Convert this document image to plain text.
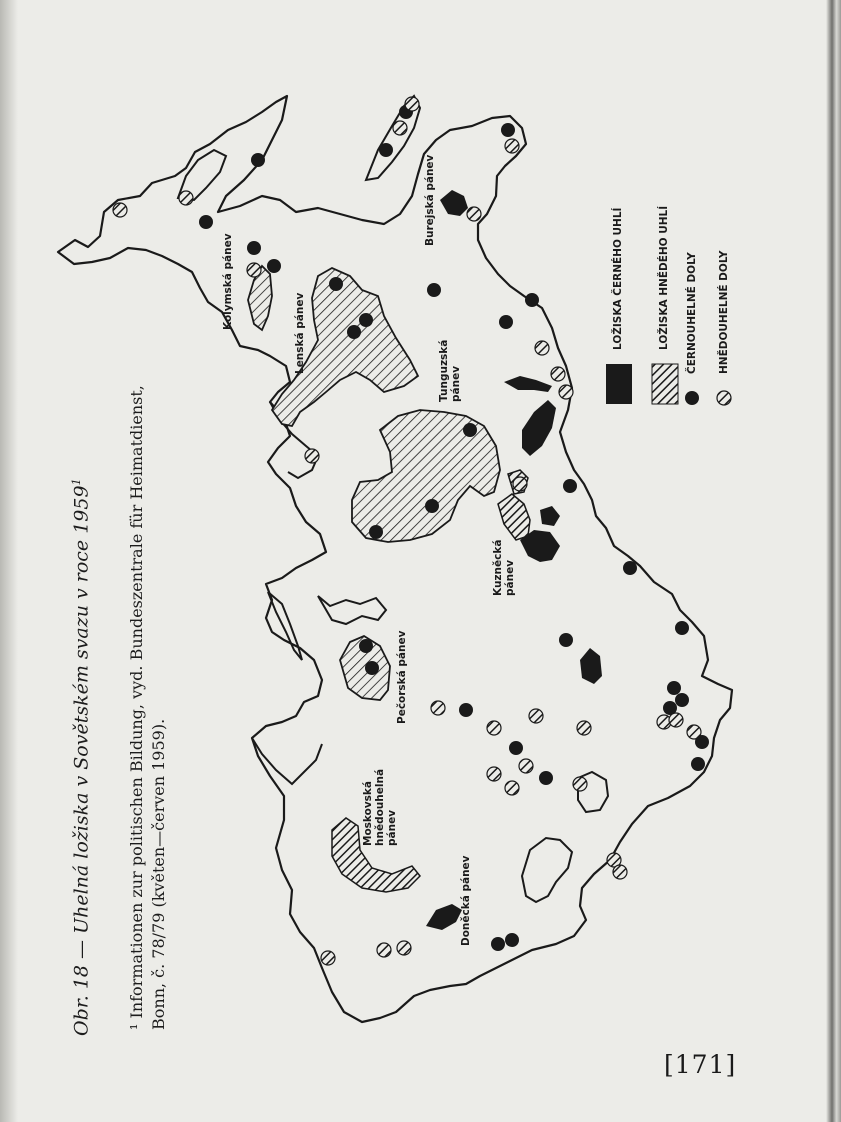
Obr. 18 — Uhelná ložiska v Sovětském svazu v roce 1959$^1$	¹ Informationen zur politischen Bildung, vyd. Bundeszentrale für Heimatdienst, Bonn, č. 78/79 (květen—červen 1959).
Kolymská pánev
Lenská pánev
Burejská pánev
Tunguzská pánev
Kuzněcká pánev
Pečorská pánev
Moskovská hnědouhelná pánev
Doněcká pánev
LOŽISKA ČERNÉHO UHLÍ	LOŽISKA HNĚDÉHO UHLÍ ČERNOUHELNÉ DOLY HNĚDOUHELNÉ DOLY
[171]
